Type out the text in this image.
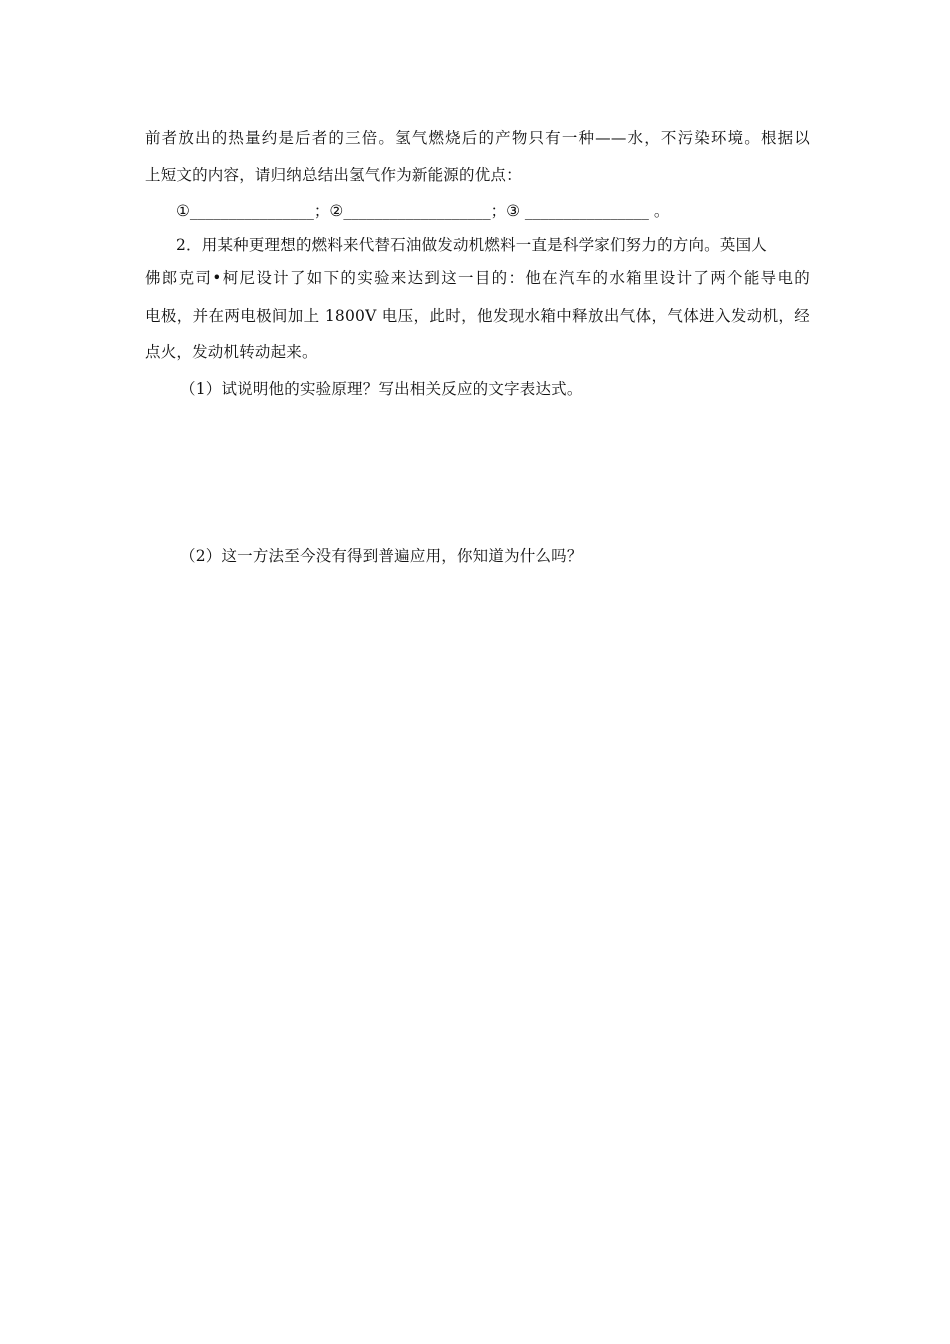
前者放出的热量约是后者的三倍。氢气燃烧后的产物只有一种——水，不污染环境。根据以
上短文的内容，请归纳总结出氢气作为新能源的优点：
①________________；②___________________；③ ________________ 。
2．用某种更理想的燃料来代替石油做发动机燃料一直是科学家们努力的方向。英国人
佛郎克司•柯尼设计了如下的实验来达到这一目的：他在汽车的水箱里设计了两个能导电的
电极，并在两电极间加上 1800V 电压，此时，他发现水箱中释放出气体，气体进入发动机，经
点火，发动机转动起来。
（1）试说明他的实验原理？写出相关反应的文字表达式。
（2）这一方法至今没有得到普遍应用，你知道为什么吗？
